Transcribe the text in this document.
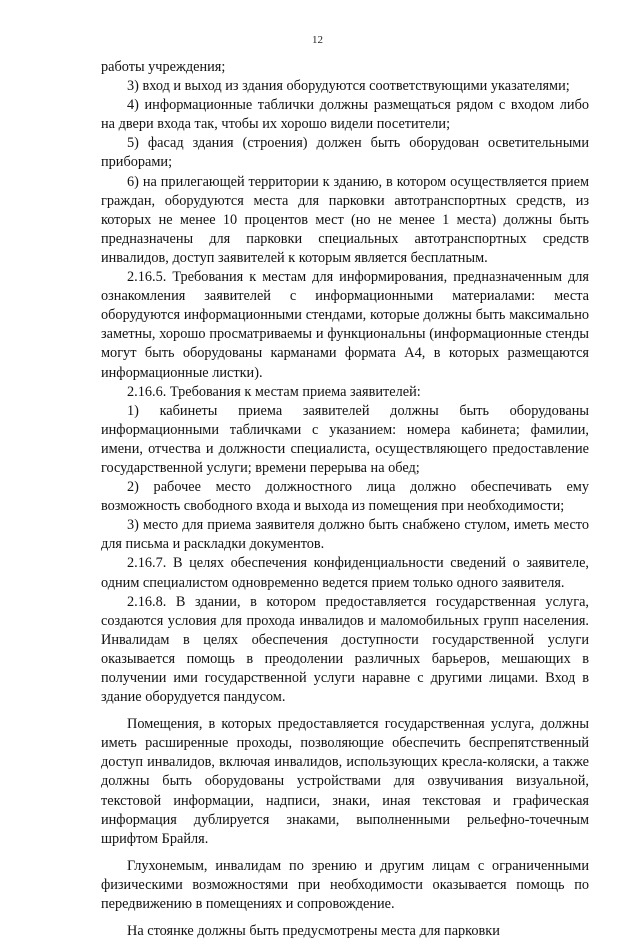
12

работы учреждения;

3) вход и выход из здания оборудуются соответствующими указателями;

4) информационные таблички должны размещаться рядом с входом либо на двери входа так, чтобы их хорошо видели посетители;

5) фасад здания (строения) должен быть оборудован осветительными приборами;

6) на прилегающей территории к зданию, в котором осуществляется прием граждан, оборудуются места для парковки автотранспортных средств, из которых не менее 10 процентов мест (но не менее 1 места) должны быть предназначены для парковки специальных автотранспортных средств инвалидов, доступ заявителей к которым является бесплатным.

2.16.5. Требования к местам для информирования, предназначенным для ознакомления заявителей с информационными материалами: места оборудуются информационными стендами, которые должны быть максимально заметны, хорошо просматриваемы и функциональны (информационные стенды могут быть оборудованы карманами формата А4, в которых размещаются информационные листки).

2.16.6. Требования к местам приема заявителей:

1) кабинеты приема заявителей должны быть оборудованы информационными табличками с указанием: номера кабинета; фамилии, имени, отчества и должности специалиста, осуществляющего предоставление государственной услуги; времени перерыва на обед;

2) рабочее место должностного лица должно обеспечивать ему возможность свободного входа и выхода из помещения при необходимости;

3) место для приема заявителя должно быть снабжено стулом, иметь место для письма и раскладки документов.

2.16.7. В целях обеспечения конфиденциальности сведений о заявителе, одним специалистом одновременно ведется прием только одного заявителя.

2.16.8. В здании, в котором предоставляется государственная услуга, создаются условия для прохода инвалидов и маломобильных групп населения. Инвалидам в целях обеспечения доступности государственной услуги оказывается помощь в преодолении различных барьеров, мешающих в получении ими государственной услуги наравне с другими лицами. Вход в здание оборудуется пандусом.

Помещения, в которых предоставляется государственная услуга, должны иметь расширенные проходы, позволяющие обеспечить беспрепятственный доступ инвалидов, включая инвалидов, использующих кресла-коляски, а также должны быть оборудованы устройствами для озвучивания визуальной, текстовой информации, надписи, знаки, иная текстовая и графическая информация дублируется знаками, выполненными рельефно-точечным шрифтом Брайля.

Глухонемым, инвалидам по зрению и другим лицам с ограниченными физическими возможностями при необходимости оказывается помощь по передвижению в помещениях и сопровождение.

На стоянке должны быть предусмотрены места для парковки
